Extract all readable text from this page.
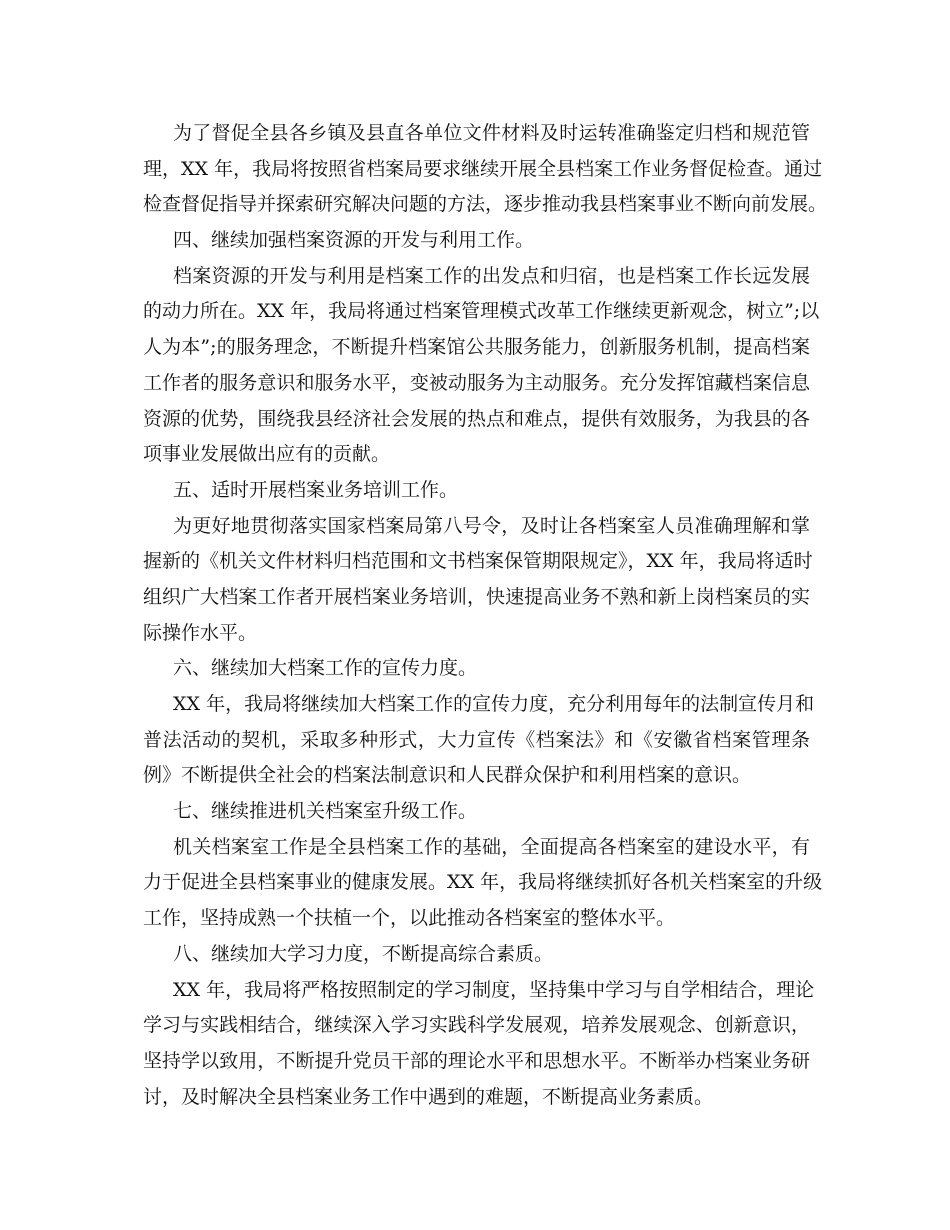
为了督促全县各乡镇及县直各单位文件材料及时运转准确鉴定归档和规范管
理，XX 年，我局将按照省档案局要求继续开展全县档案工作业务督促检查。通过
检查督促指导并探索研究解决问题的方法，逐步推动我县档案事业不断向前发展。
四、继续加强档案资源的开发与利用工作。
档案资源的开发与利用是档案工作的出发点和归宿，也是档案工作长远发展
的动力所在。XX 年，我局将通过档案管理模式改革工作继续更新观念，树立”;以
人为本”;的服务理念，不断提升档案馆公共服务能力，创新服务机制，提高档案
工作者的服务意识和服务水平，变被动服务为主动服务。充分发挥馆藏档案信息
资源的优势，围绕我县经济社会发展的热点和难点，提供有效服务，为我县的各
项事业发展做出应有的贡献。
五、适时开展档案业务培训工作。
为更好地贯彻落实国家档案局第八号令，及时让各档案室人员准确理解和掌
握新的《机关文件材料归档范围和文书档案保管期限规定》，XX 年，我局将适时
组织广大档案工作者开展档案业务培训，快速提高业务不熟和新上岗档案员的实
际操作水平。
六、继续加大档案工作的宣传力度。
XX 年，我局将继续加大档案工作的宣传力度，充分利用每年的法制宣传月和
普法活动的契机，采取多种形式，大力宣传《档案法》和《安徽省档案管理条
例》不断提供全社会的档案法制意识和人民群众保护和利用档案的意识。
七、继续推进机关档案室升级工作。
机关档案室工作是全县档案工作的基础，全面提高各档案室的建设水平，有
力于促进全县档案事业的健康发展。XX 年，我局将继续抓好各机关档案室的升级
工作，坚持成熟一个扶植一个，以此推动各档案室的整体水平。
八、继续加大学习力度，不断提高综合素质。
XX 年，我局将严格按照制定的学习制度，坚持集中学习与自学相结合，理论
学习与实践相结合，继续深入学习实践科学发展观，培养发展观念、创新意识，
坚持学以致用，不断提升党员干部的理论水平和思想水平。不断举办档案业务研
讨，及时解决全县档案业务工作中遇到的难题，不断提高业务素质。
